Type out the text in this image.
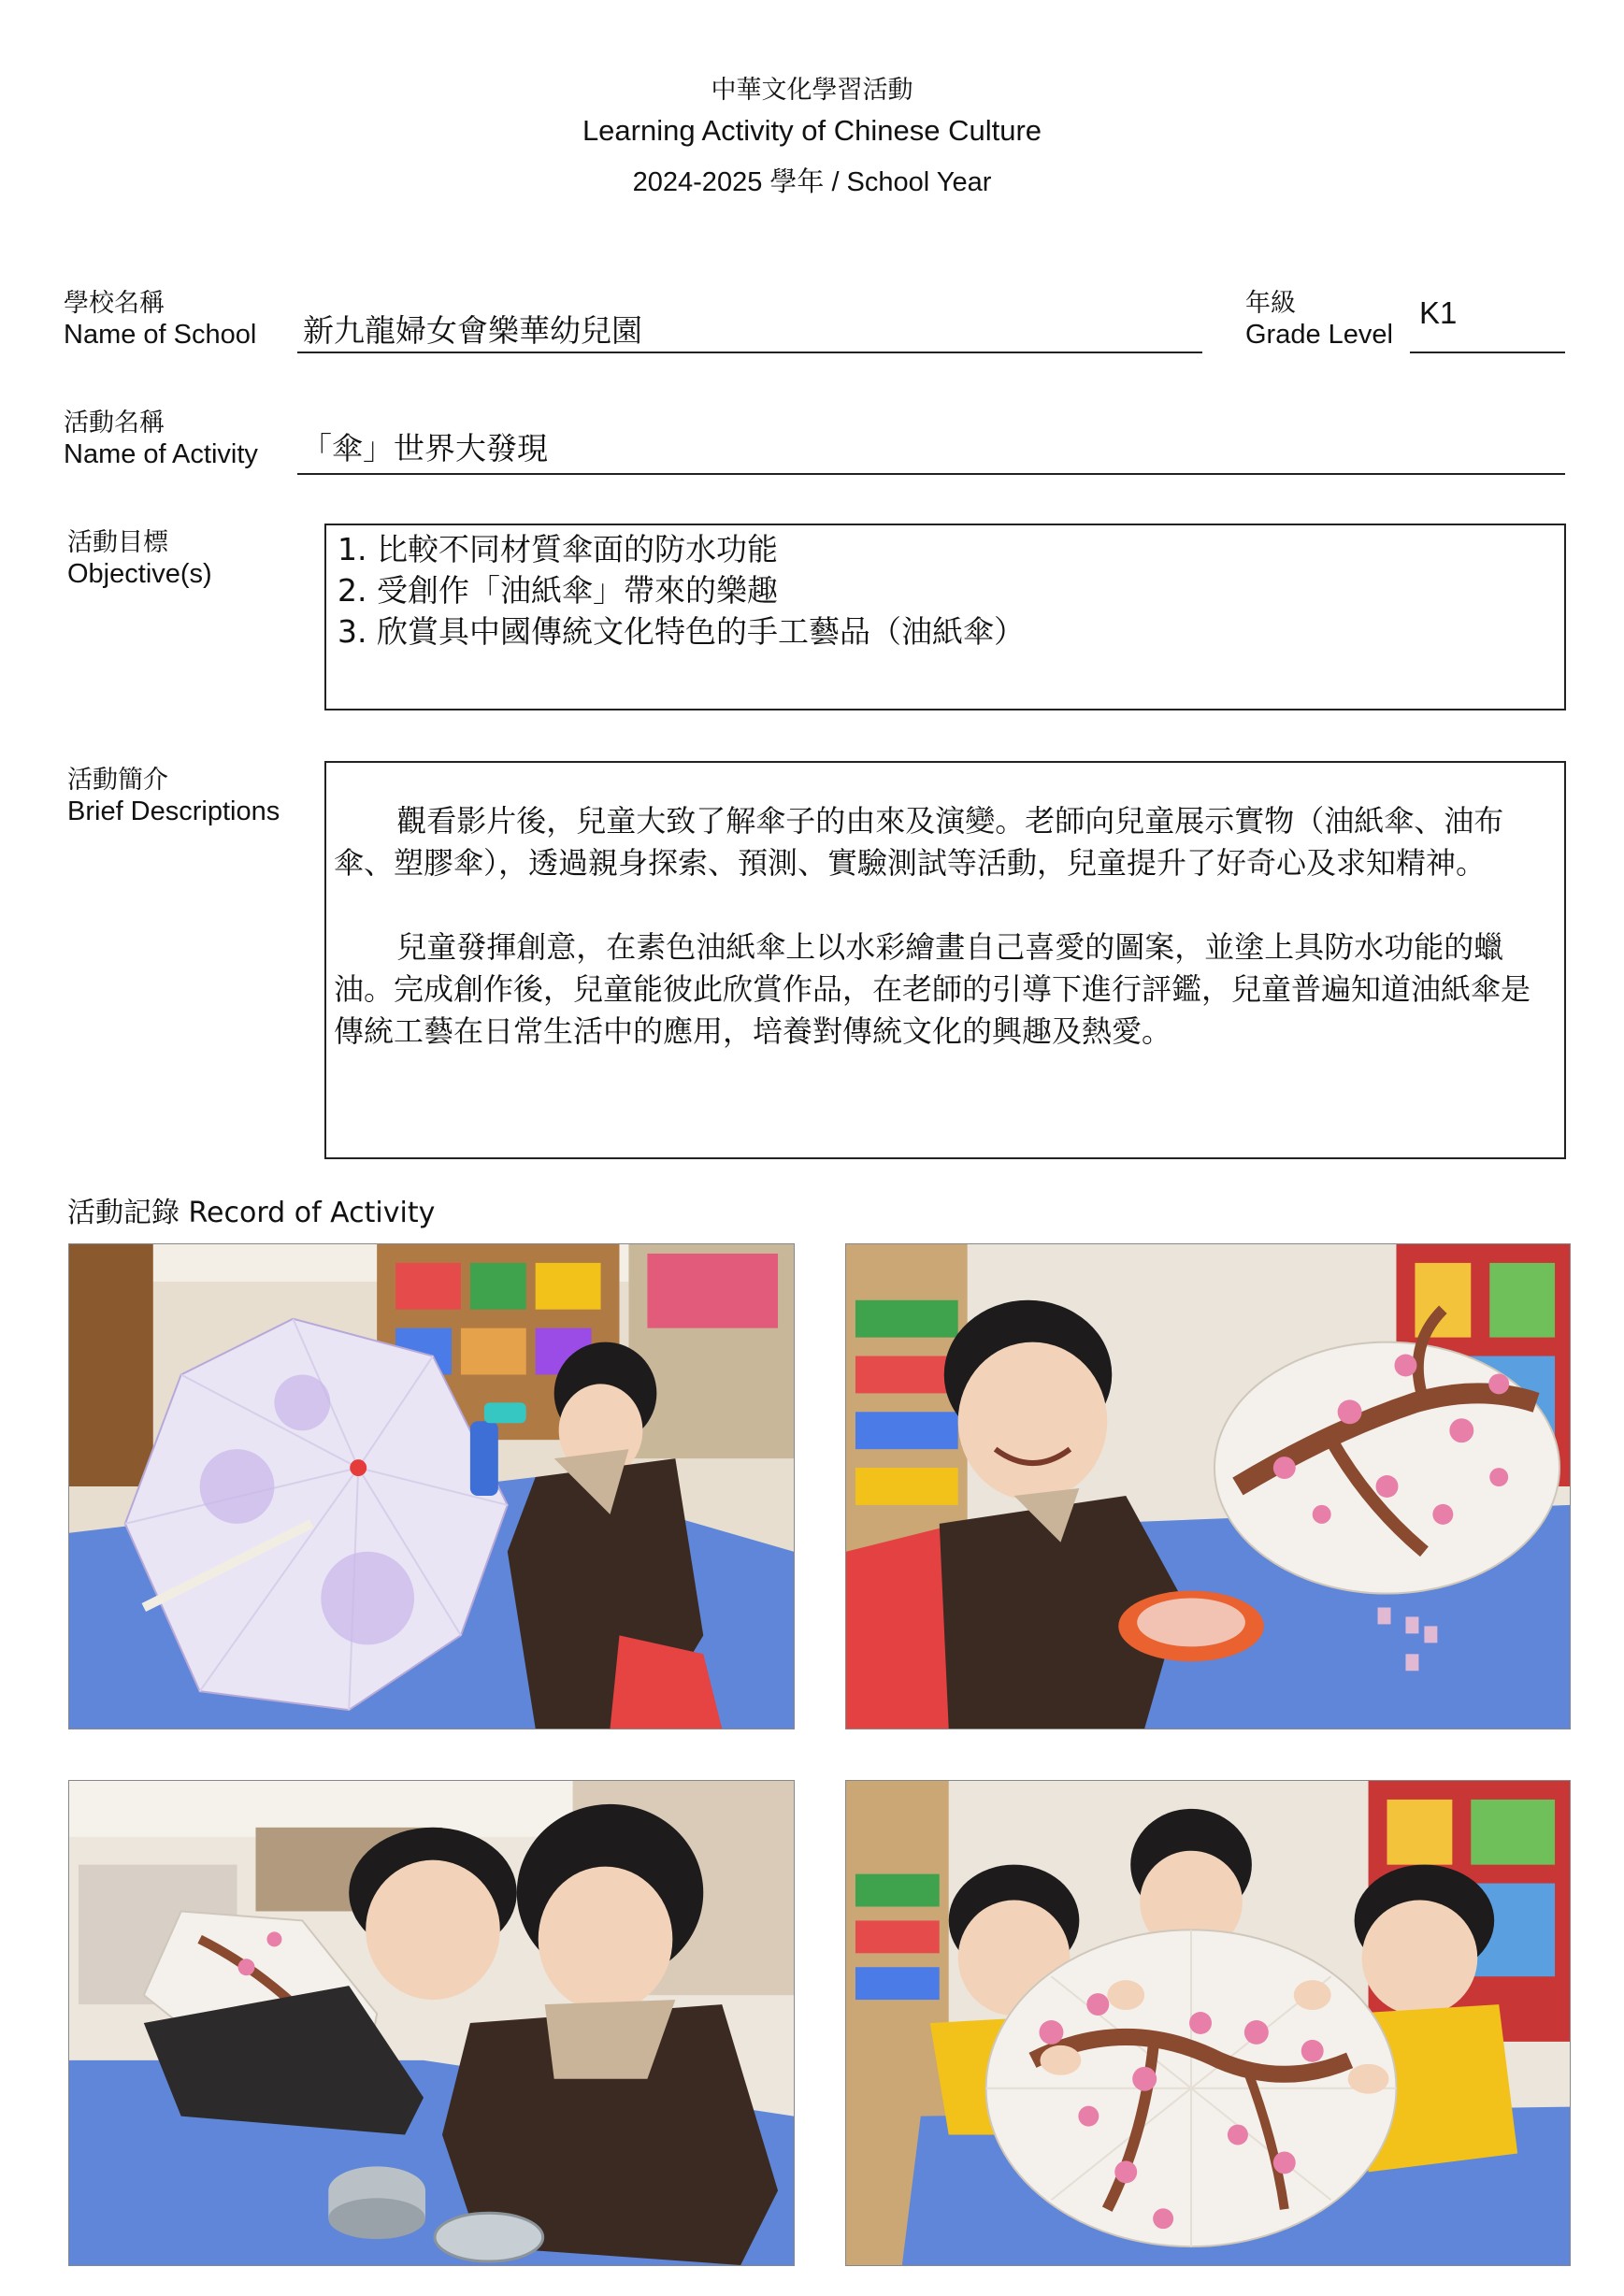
中華文化學習活動
Learning Activity of Chinese Culture
2024-2025 學年 / School Year
學校名稱
Name of School 新九龍婦女會樂華幼兒園
年級
Grade Level
K1
活動名稱
Name of Activity 「傘」世界大發現
活動目標
Objective(s)
1. 比較不同材質傘面的防水功能
2. 受創作「油紙傘」帶來的樂趣
3. 欣賞具中國傳統文化特色的手工藝品（油紙傘）
活動簡介
Brief Descriptions	觀看影片後，兒童大致了解傘子的由來及演變。老師向兒童展示實物（油紙傘、油布傘、塑膠傘），透過親身探索、預測、實驗測試等活動，兒童提升了好奇心及求知精神。

兒童發揮創意，在素色油紙傘上以水彩繪畫自己喜愛的圖案，並塗上具防水功能的蠟油。完成創作後，兒童能彼此欣賞作品，在老師的引導下進行評鑑，兒童普遍知道油紙傘是傳統工藝在日常生活中的應用，培養對傳統文化的興趣及熱愛。

活動記錄 Record of Activity
